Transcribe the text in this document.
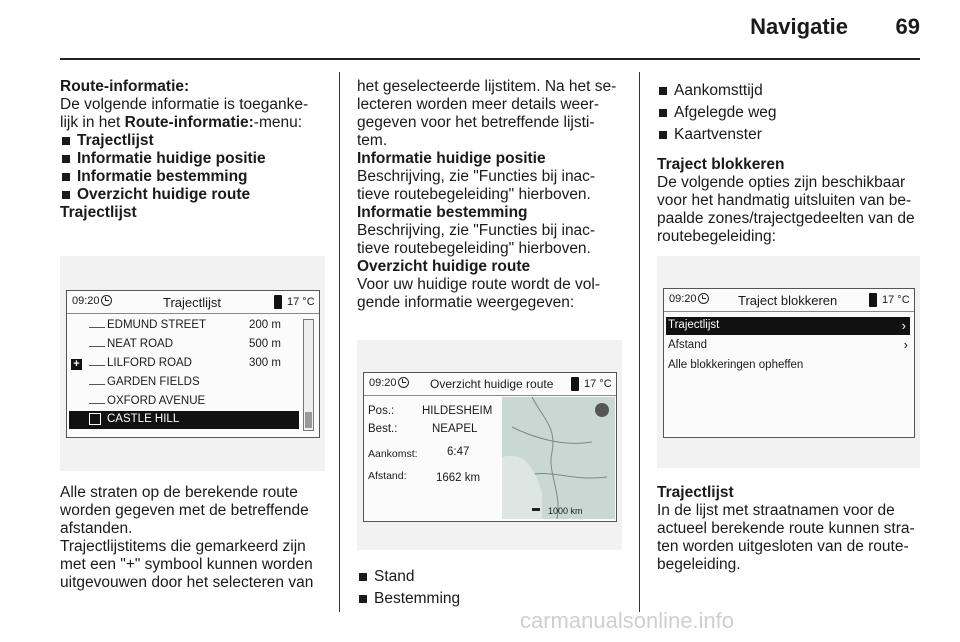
Navigatie 69

Route-informatie:

De volgende informatie is toeganke-

lijk in het Route-informatie:-menu:

Trajectlijst

Informatie huidige positie

Informatie bestemming

Overzicht huidige route

Trajectlijst

09:20	Trajectlijst	17 °C
EDMUND STREET	200 m
NEAT ROAD	500 m
+ LILFORD ROAD	300 m
GARDEN FIELDS
OXFORD AVENUE
CASTLE HILL

Alle straten op de berekende route

worden gegeven met de betreffende

afstanden.

Trajectlijstitems die gemarkeerd zijn

met een "+" symbool kunnen worden

uitgevouwen door het selecteren van

het geselecteerde lijstitem. Na het se-

lecteren worden meer details weer-

gegeven voor het betreffende lijsti-

tem.

Informatie huidige positie

Beschrijving, zie "Functies bij inac-

tieve routebegeleiding" hierboven.

Informatie bestemming

Beschrijving, zie "Functies bij inac-

tieve routebegeleiding" hierboven.

Overzicht huidige route

Voor uw huidige route wordt de vol-

gende informatie weergegeven:

09:20	Overzicht huidige route	17 °C
Pos.: HILDESHEIM
Best.:	NEAPEL
Aankomst:	6:47
Afstand:	1662 km
1000 km

Stand

Bestemming

Aankomsttijd

Afgelegde weg

Kaartvenster

Traject blokkeren

De volgende opties zijn beschikbaar

voor het handmatig uitsluiten van be-

paalde zones/trajectgedeelten van de

routebegeleiding:

09:20	Traject blokkeren	17 °C
Trajectlijst	›
Afstand	›
Alle blokkeringen opheffen

Trajectlijst

In de lijst met straatnamen voor de

actueel berekende route kunnen stra-

ten worden uitgesloten van de route-

begeleiding.

carmanualsonline.info
